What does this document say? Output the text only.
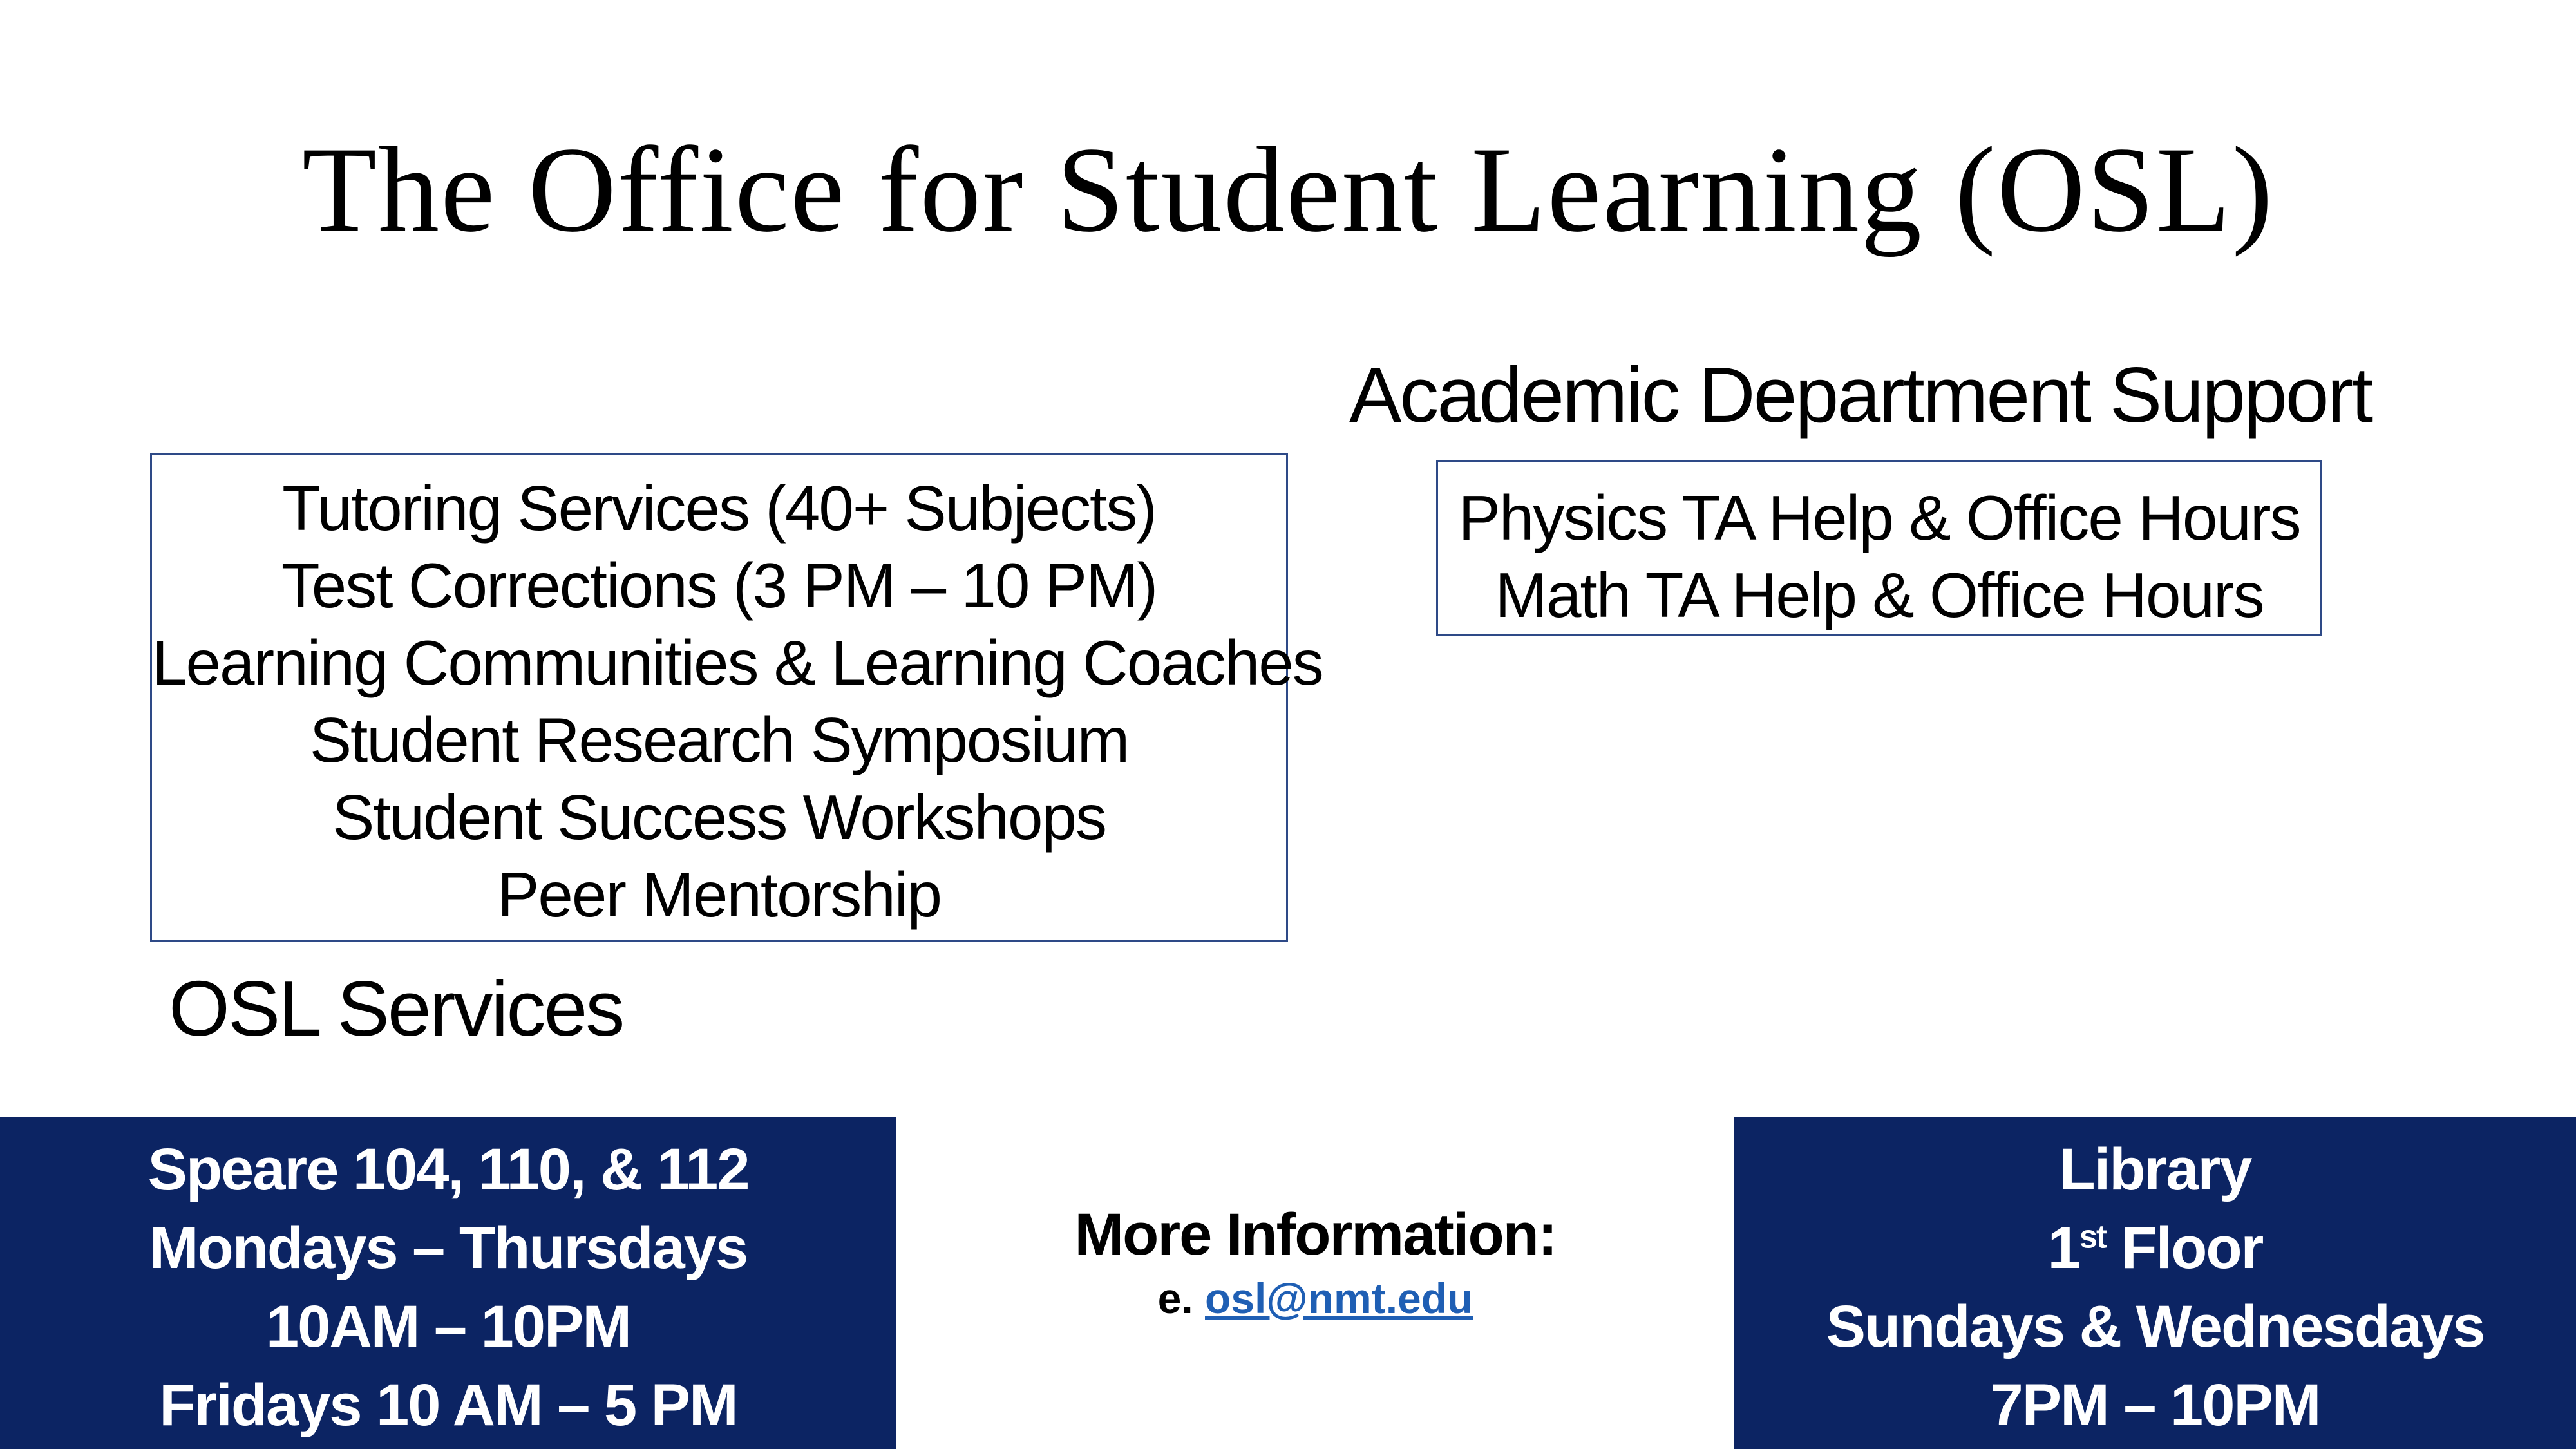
The Office for Student Learning (OSL)
Academic Department Support
Tutoring Services (40+ Subjects)
Test Corrections (3 PM – 10 PM)
Learning Communities & Learning Coaches
Student Research Symposium
Student Success Workshops
Peer Mentorship
Physics TA Help & Office Hours
Math TA Help & Office Hours
OSL Services
Speare 104, 110, & 112
Mondays – Thursdays
10AM – 10PM
Fridays 10 AM – 5 PM
More Information:
e. osl@nmt.edu
Library
1st Floor
Sundays & Wednesdays
7PM – 10PM
